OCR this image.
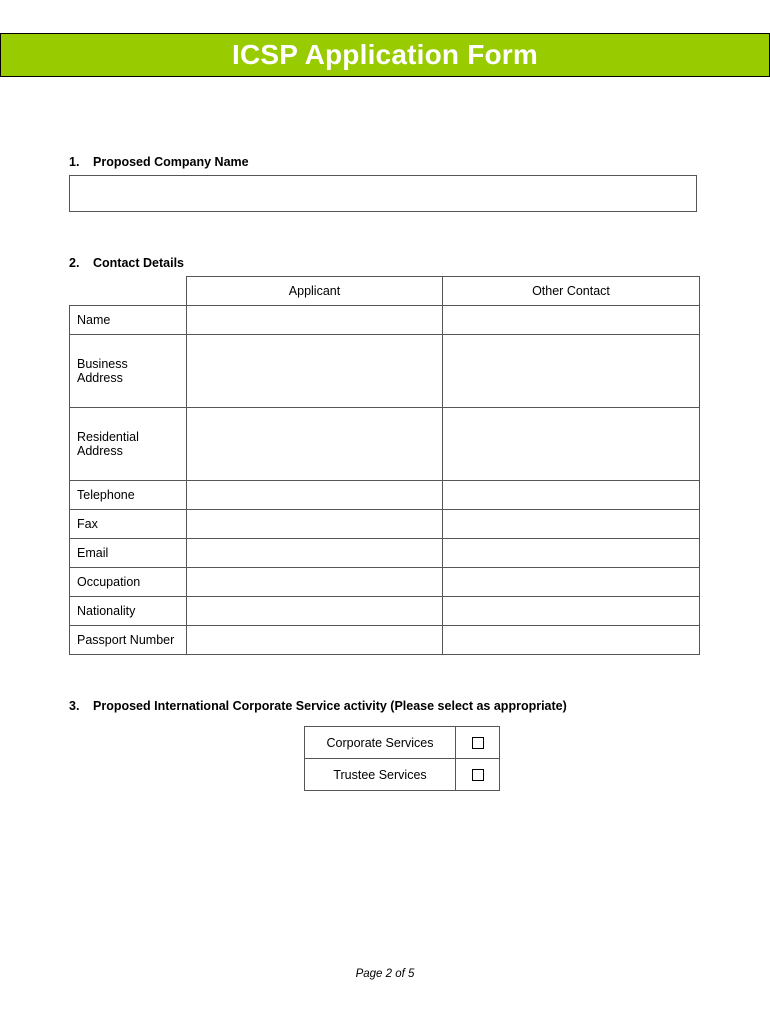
ICSP Application Form
1. Proposed Company Name
2. Contact Details
	Applicant	Other Contact

Name		

Business
Address		

Residential
Address		

Telephone		

Fax		

Email		

Occupation		

Nationality		

Passport Number		

3. Proposed International Corporate Service activity (Please select as appropriate)
Corporate Services	
Trustee Services	
Page 2 of 5
